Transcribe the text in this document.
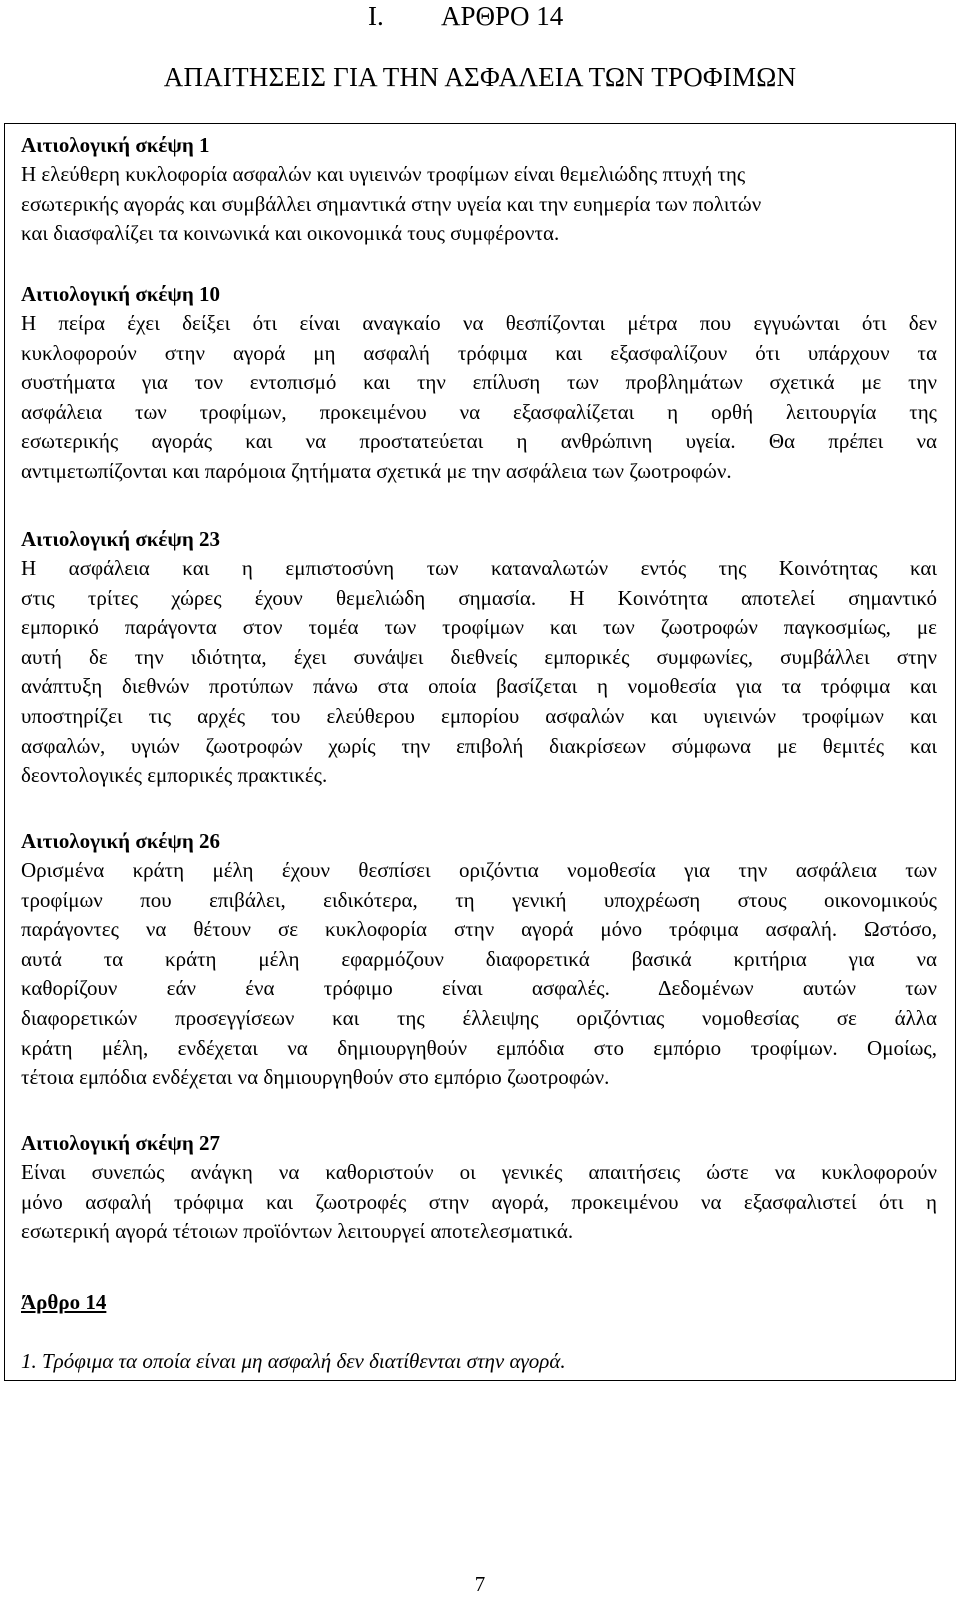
I. ΑΡΘΡΟ 14
ΑΠΑΙΤΗΣΕΙΣ ΓΙΑ ΤΗΝ ΑΣΦΑΛΕΙΑ ΤΩΝ ΤΡΟΦΙΜΩΝ
Αιτιολογική σκέψη 1
Η ελεύθερη κυκλοφορία ασφαλών και υγιεινών τροφίμων είναι θεμελιώδης πτυχή της
εσωτερικής αγοράς και συμβάλλει σημαντικά στην υγεία και την ευημερία των πολιτών
και διασφαλίζει τα κοινωνικά και οικονομικά τους συμφέροντα.
Αιτιολογική σκέψη 10
Η πείρα έχει δείξει ότι είναι αναγκαίο να θεσπίζονται μέτρα που εγγυώνται ότι δεν
κυκλοφορούν στην αγορά μη ασφαλή τρόφιμα και εξασφαλίζουν ότι υπάρχουν τα
συστήματα για τον εντοπισμό και την επίλυση των προβλημάτων σχετικά με την
ασφάλεια των τροφίμων, προκειμένου να εξασφαλίζεται η ορθή λειτουργία της
εσωτερικής αγοράς και να προστατεύεται η ανθρώπινη υγεία. Θα πρέπει να
αντιμετωπίζονται και παρόμοια ζητήματα σχετικά με την ασφάλεια των ζωοτροφών.
Αιτιολογική σκέψη 23
Η ασφάλεια και η εμπιστοσύνη των καταναλωτών εντός της Κοινότητας και
στις τρίτες χώρες έχουν θεμελιώδη σημασία. Η Κοινότητα αποτελεί σημαντικό
εμπορικό παράγοντα στον τομέα των τροφίμων και των ζωοτροφών παγκοσμίως, με
αυτή δε την ιδιότητα, έχει συνάψει διεθνείς εμπορικές συμφωνίες, συμβάλλει στην
ανάπτυξη διεθνών προτύπων πάνω στα οποία βασίζεται η νομοθεσία για τα τρόφιμα και
υποστηρίζει τις αρχές του ελεύθερου εμπορίου ασφαλών και υγιεινών τροφίμων και
ασφαλών, υγιών ζωοτροφών χωρίς την επιβολή διακρίσεων σύμφωνα με θεμιτές και
δεοντολογικές εμπορικές πρακτικές.
Αιτιολογική σκέψη 26
Ορισμένα κράτη μέλη έχουν θεσπίσει οριζόντια νομοθεσία για την ασφάλεια των
τροφίμων που επιβάλει, ειδικότερα, τη γενική υποχρέωση στους οικονομικούς
παράγοντες να θέτουν σε κυκλοφορία στην αγορά μόνο τρόφιμα ασφαλή. Ωστόσο,
αυτά τα κράτη μέλη εφαρμόζουν διαφορετικά βασικά κριτήρια για να
καθορίζουν εάν ένα τρόφιμο είναι ασφαλές. Δεδομένων αυτών των
διαφορετικών προσεγγίσεων και της έλλειψης οριζόντιας νομοθεσίας σε άλλα
κράτη μέλη, ενδέχεται να δημιουργηθούν εμπόδια στο εμπόριο τροφίμων. Ομοίως,
τέτοια εμπόδια ενδέχεται να δημιουργηθούν στο εμπόριο ζωοτροφών.
Αιτιολογική σκέψη 27
Είναι συνεπώς ανάγκη να καθοριστούν οι γενικές απαιτήσεις ώστε να κυκλοφορούν
μόνο ασφαλή τρόφιμα και ζωοτροφές στην αγορά, προκειμένου να εξασφαλιστεί ότι η
εσωτερική αγορά τέτοιων προϊόντων λειτουργεί αποτελεσματικά.
Άρθρο 14
1. Τρόφιμα τα οποία είναι μη ασφαλή δεν διατίθενται στην αγορά.
7
